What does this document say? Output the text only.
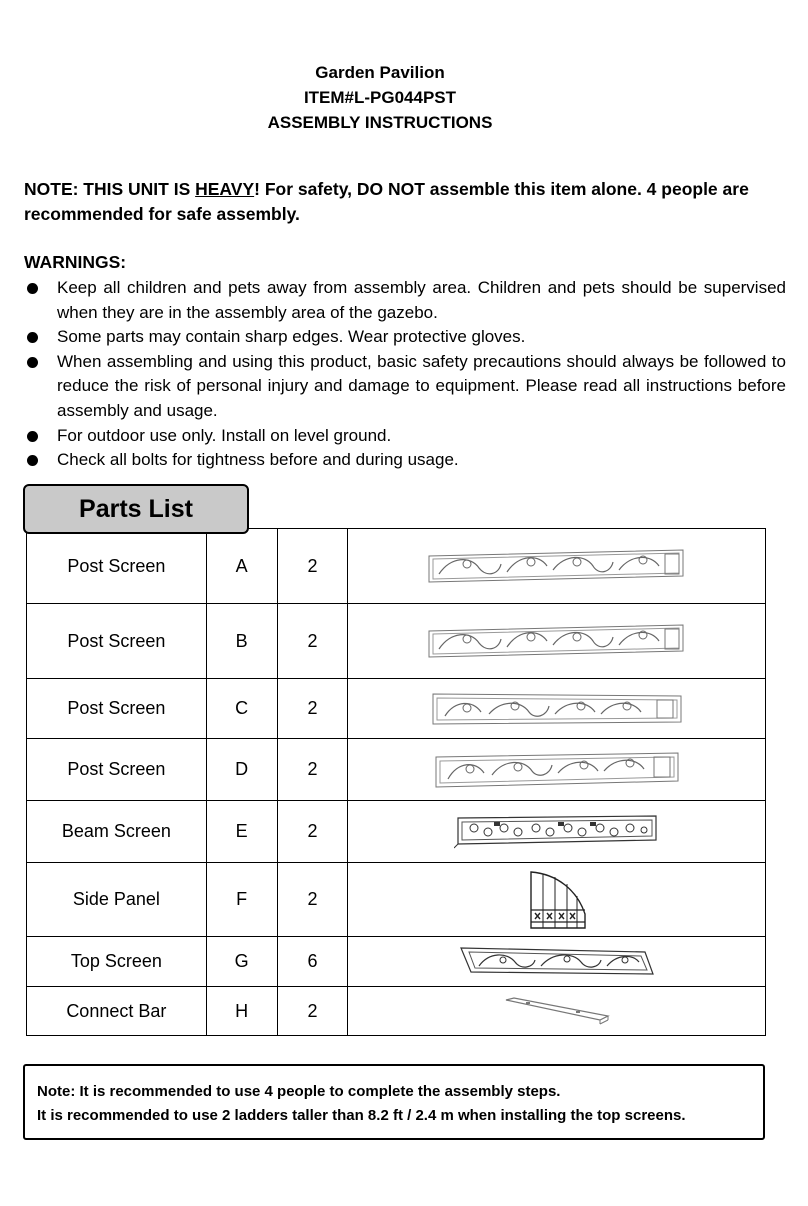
Garden Pavilion
ITEM#L-PG044PST
ASSEMBLY INSTRUCTIONS
NOTE: THIS UNIT IS HEAVY! For safety, DO NOT assemble this item alone. 4 people are recommended for safe assembly.
WARNINGS:
Keep all children and pets away from assembly area. Children and pets should be supervised when they are in the assembly area of the gazebo.
Some parts may contain sharp edges. Wear protective gloves.
When assembling and using this product, basic safety precautions should always be followed to reduce the risk of personal injury and damage to equipment. Please read all instructions before assembly and usage.
For outdoor use only. Install on level ground.
Check all bolts for tightness before and during usage.
Parts List
Post Screen	A	2	

Post Screen	B	2	

Post Screen	C	2	

Post Screen	D	2	

Beam Screen	E	2	

Side Panel	F	2	

Top Screen	G	6	

Connect Bar	H	2	
Note: It is recommended to use 4 people to complete the assembly steps.
It is recommended to use 2 ladders taller than 8.2 ft / 2.4 m when installing the top screens.
